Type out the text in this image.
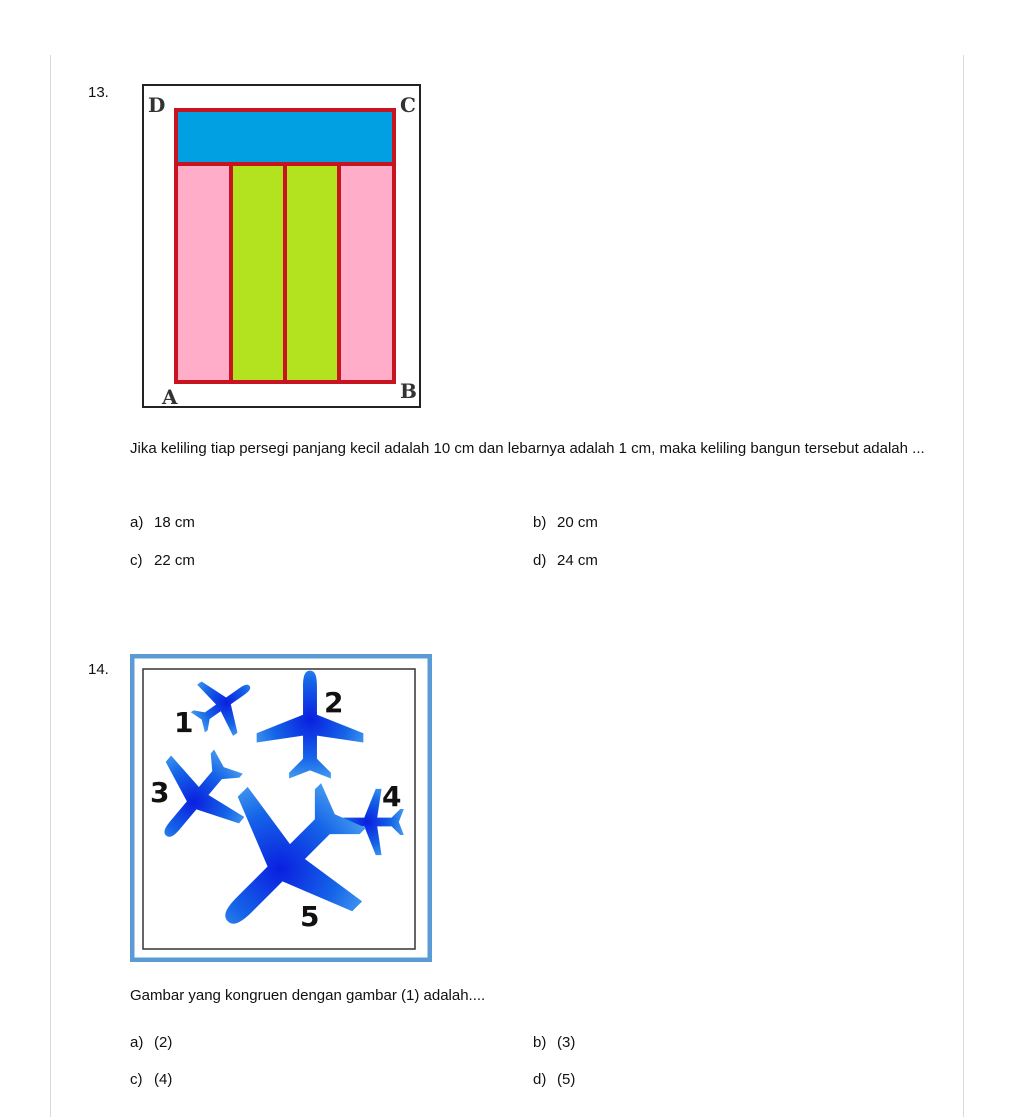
13.
D	C
A	B
Jika keliling tiap persegi panjang kecil adalah 10 cm dan lebarnya adalah 1 cm, maka keliling bangun tersebut adalah ...
a) 18 cm	b) 20 cm
c) 22 cm	d) 24 cm
14.
1
2
3	4
5
Gambar yang kongruen dengan gambar (1) adalah....
a) (2)	b) (3)
c) (4)	d) (5)
